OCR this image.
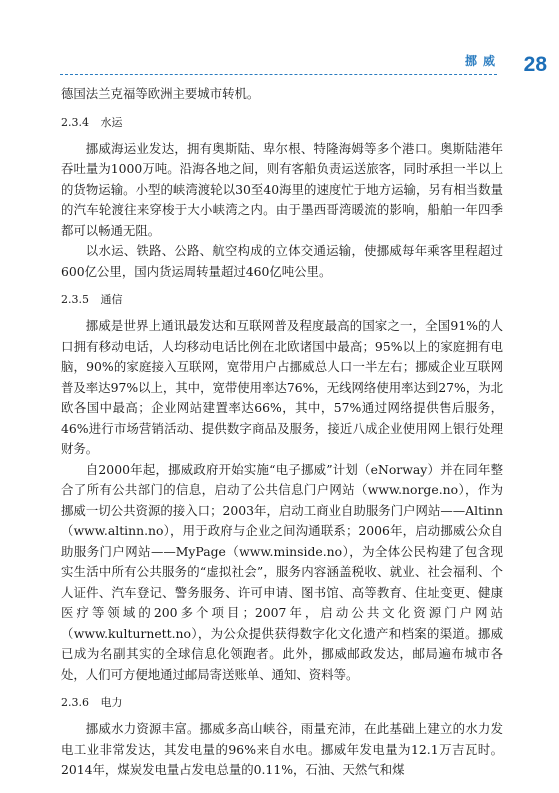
挪威 28

德国法兰克福等欧洲主要城市转机。

2.3.4 水运

挪威海运业发达，拥有奥斯陆、卑尔根、特隆海姆等多个港口。奥斯陆港年吞吐量为1000万吨。沿海各地之间，则有客船负责运送旅客，同时承担一半以上的货物运输。小型的峡湾渡轮以30至40海里的速度忙于地方运输，另有相当数量的汽车轮渡往来穿梭于大小峡湾之内。由于墨西哥湾暖流的影响，船舶一年四季都可以畅通无阻。

以水运、铁路、公路、航空构成的立体交通运输，使挪威每年乘客里程超过600亿公里，国内货运周转量超过460亿吨公里。

2.3.5 通信

挪威是世界上通讯最发达和互联网普及程度最高的国家之一，全国91%的人口拥有移动电话，人均移动电话比例在北欧诸国中最高；95%以上的家庭拥有电脑，90%的家庭接入互联网，宽带用户占挪威总人口一半左右；挪威企业互联网普及率达97%以上，其中，宽带使用率达76%，无线网络使用率达到27%，为北欧各国中最高；企业网站建置率达66%，其中，57%通过网络提供售后服务，46%进行市场营销活动、提供数字商品及服务，接近八成企业使用网上银行处理财务。

自2000年起，挪威政府开始实施“电子挪威”计划（eNorway）并在同年整合了所有公共部门的信息，启动了公共信息门户网站（www.norge.no），作为挪威一切公共资源的接入口；2003年，启动工商业自助服务门户网站——Altinn（www.altinn.no），用于政府与企业之间沟通联系；2006年，启动挪威公众自助服务门户网站——MyPage（www.minside.no），为全体公民构建了包含现实生活中所有公共服务的“虚拟社会”，服务内容涵盖税收、就业、社会福利、个人证件、汽车登记、警务服务、许可申请、图书馆、高等教育、住址变更、健康医疗等领域的200多个项目；2007年，启动公共文化资源门户网站（www.kulturnett.no），为公众提供获得数字化文化遗产和档案的渠道。挪威已成为名副其实的全球信息化领跑者。此外，挪威邮政发达，邮局遍布城市各处，人们可方便地通过邮局寄送账单、通知、资料等。

2.3.6 电力

挪威水力资源丰富。挪威多高山峡谷，雨量充沛，在此基础上建立的水力发电工业非常发达，其发电量的96%来自水电。挪威年发电量为12.1万吉瓦时。2014年，煤炭发电量占发电总量的0.11%，石油、天然气和煤
